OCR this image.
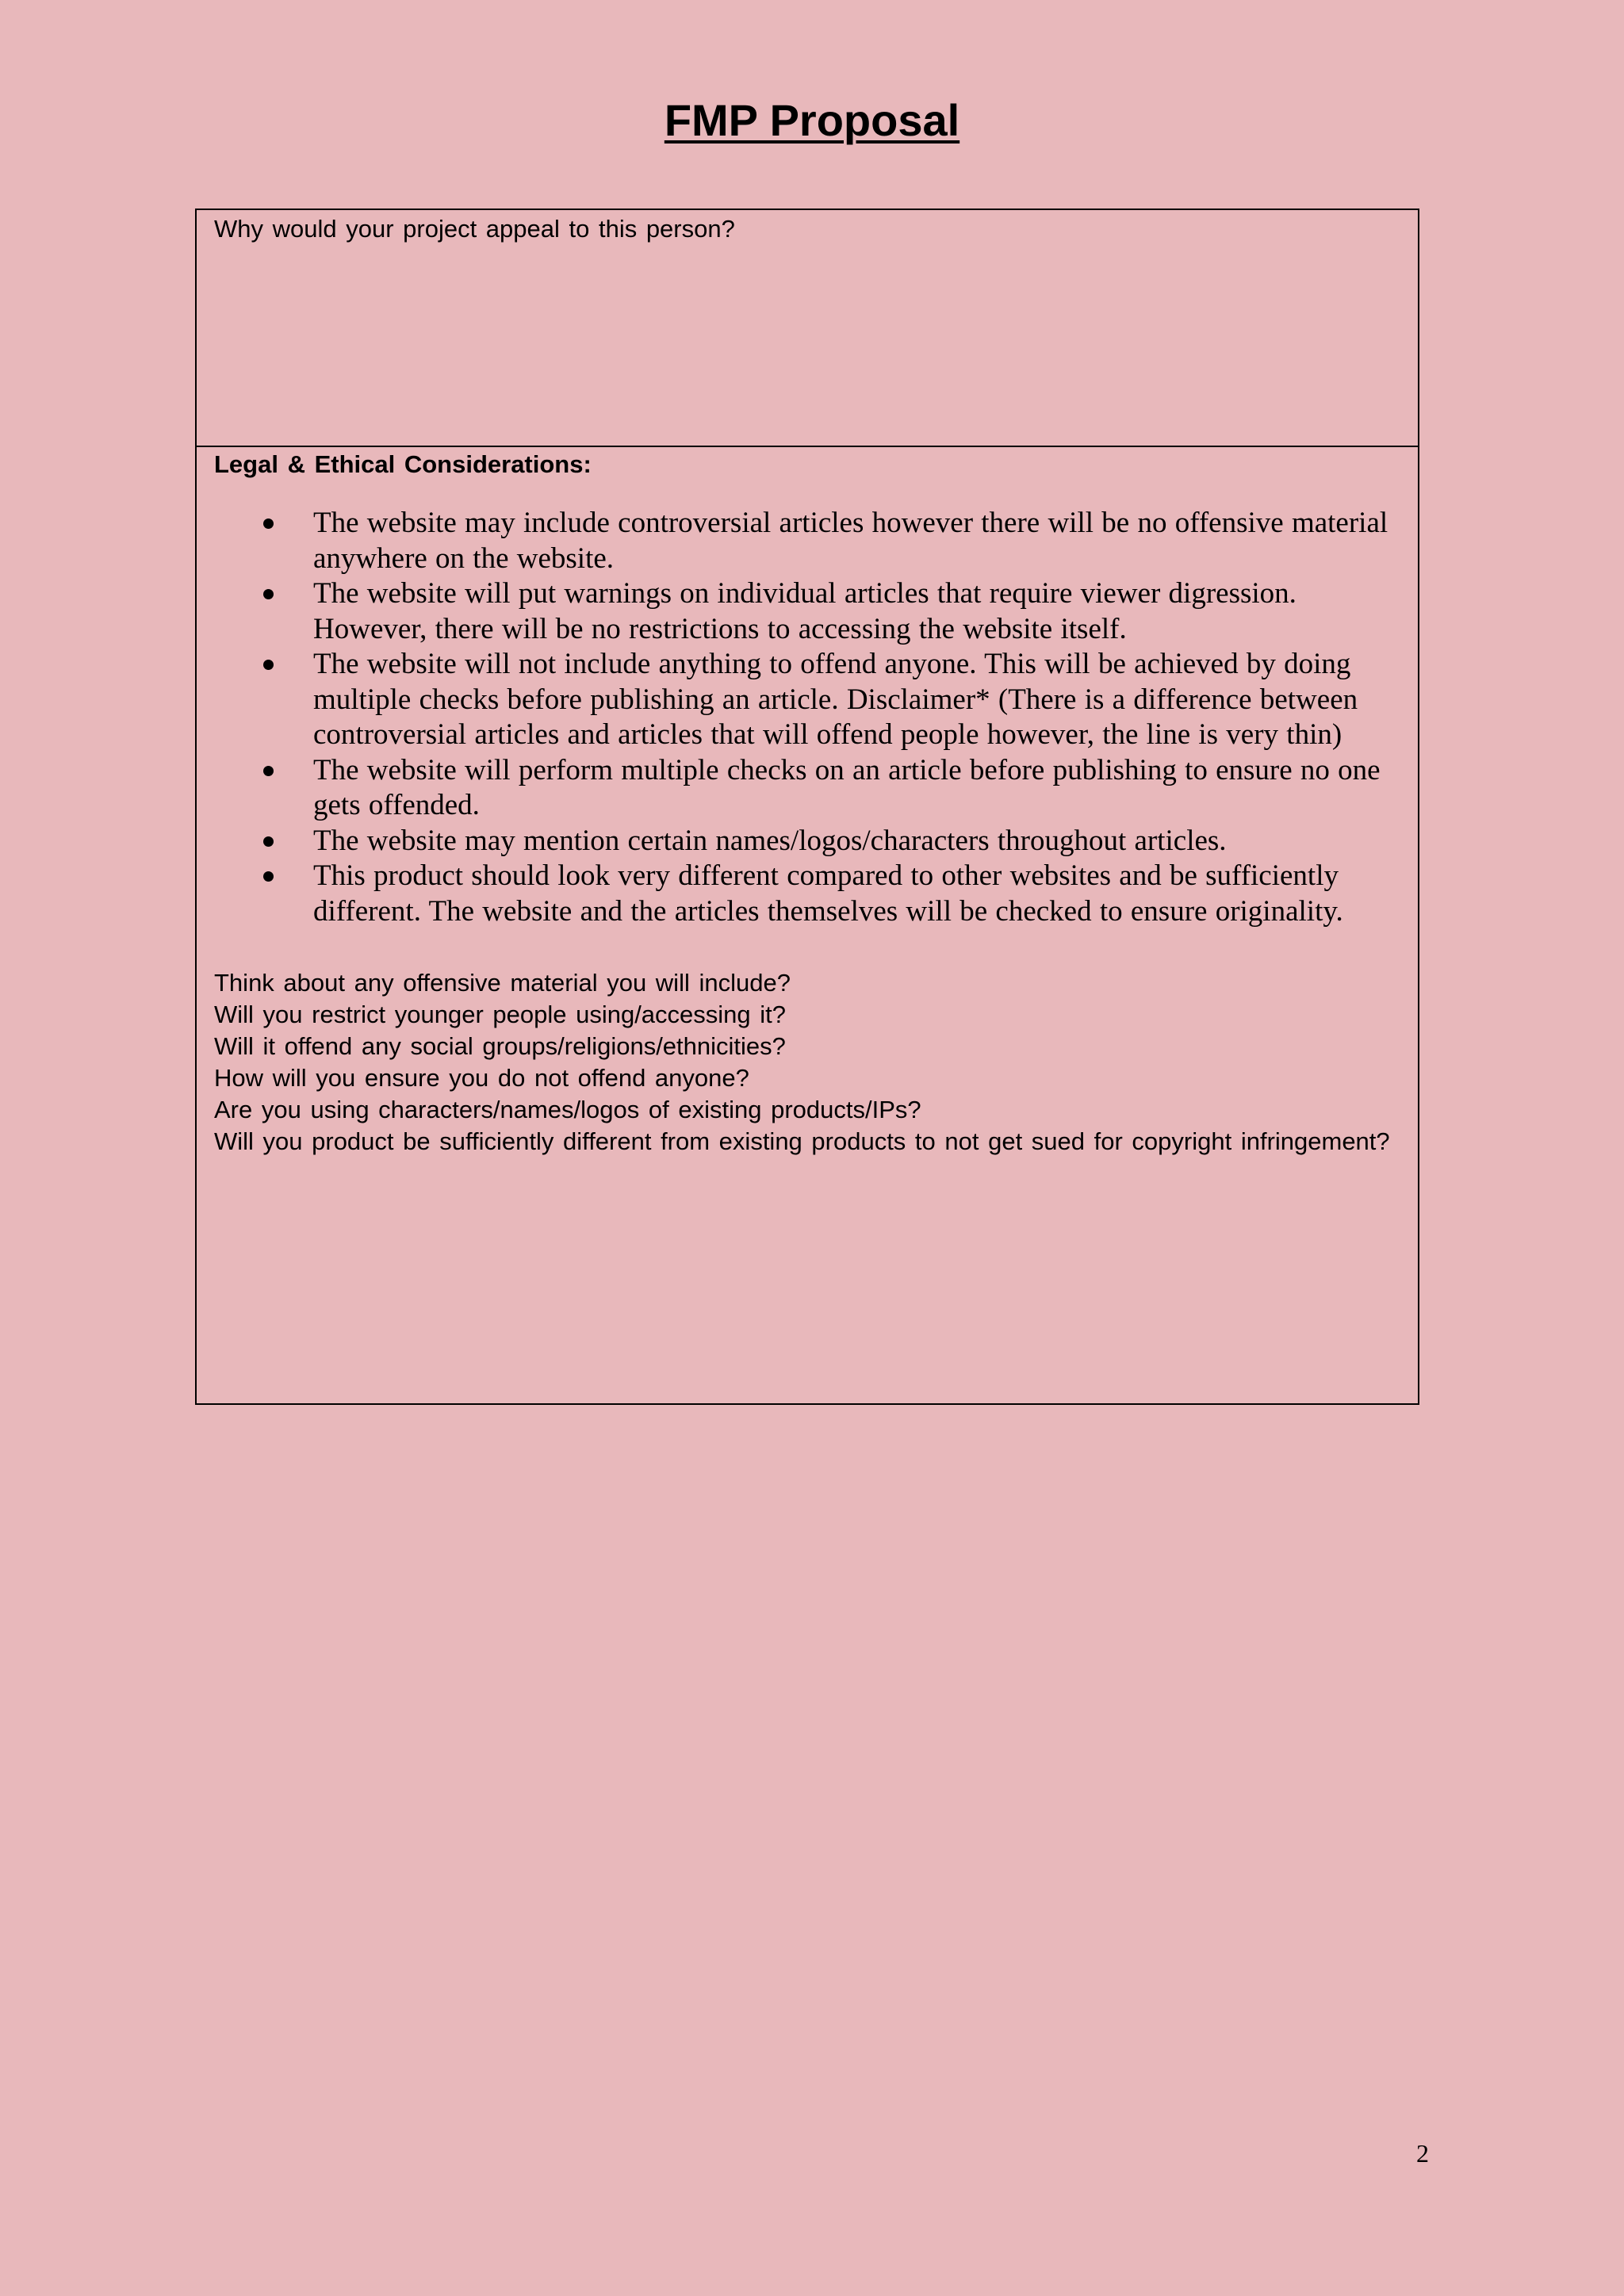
FMP Proposal

Why would your project appeal to this person?

Legal & Ethical Considerations:

The website may include controversial articles however there will be no offensive material anywhere on the website.
The website will put warnings on individual articles that require viewer digression. However, there will be no restrictions to accessing the website itself.
The website will not include anything to offend anyone. This will be achieved by doing multiple checks before publishing an article. Disclaimer* (There is a difference between controversial articles and articles that will offend people however, the line is very thin)
The website will perform multiple checks on an article before publishing to ensure no one gets offended.
The website may mention certain names/logos/characters throughout articles.
This product should look very different compared to other websites and be sufficiently different. The website and the articles themselves will be checked to ensure originality.
Think about any offensive material you will include?
Will you restrict younger people using/accessing it?
Will it offend any social groups/religions/ethnicities?
How will you ensure you do not offend anyone?
Are you using characters/names/logos of existing products/IPs?
Will you product be sufficiently different from existing products to not get sued for copyright infringement?
2
